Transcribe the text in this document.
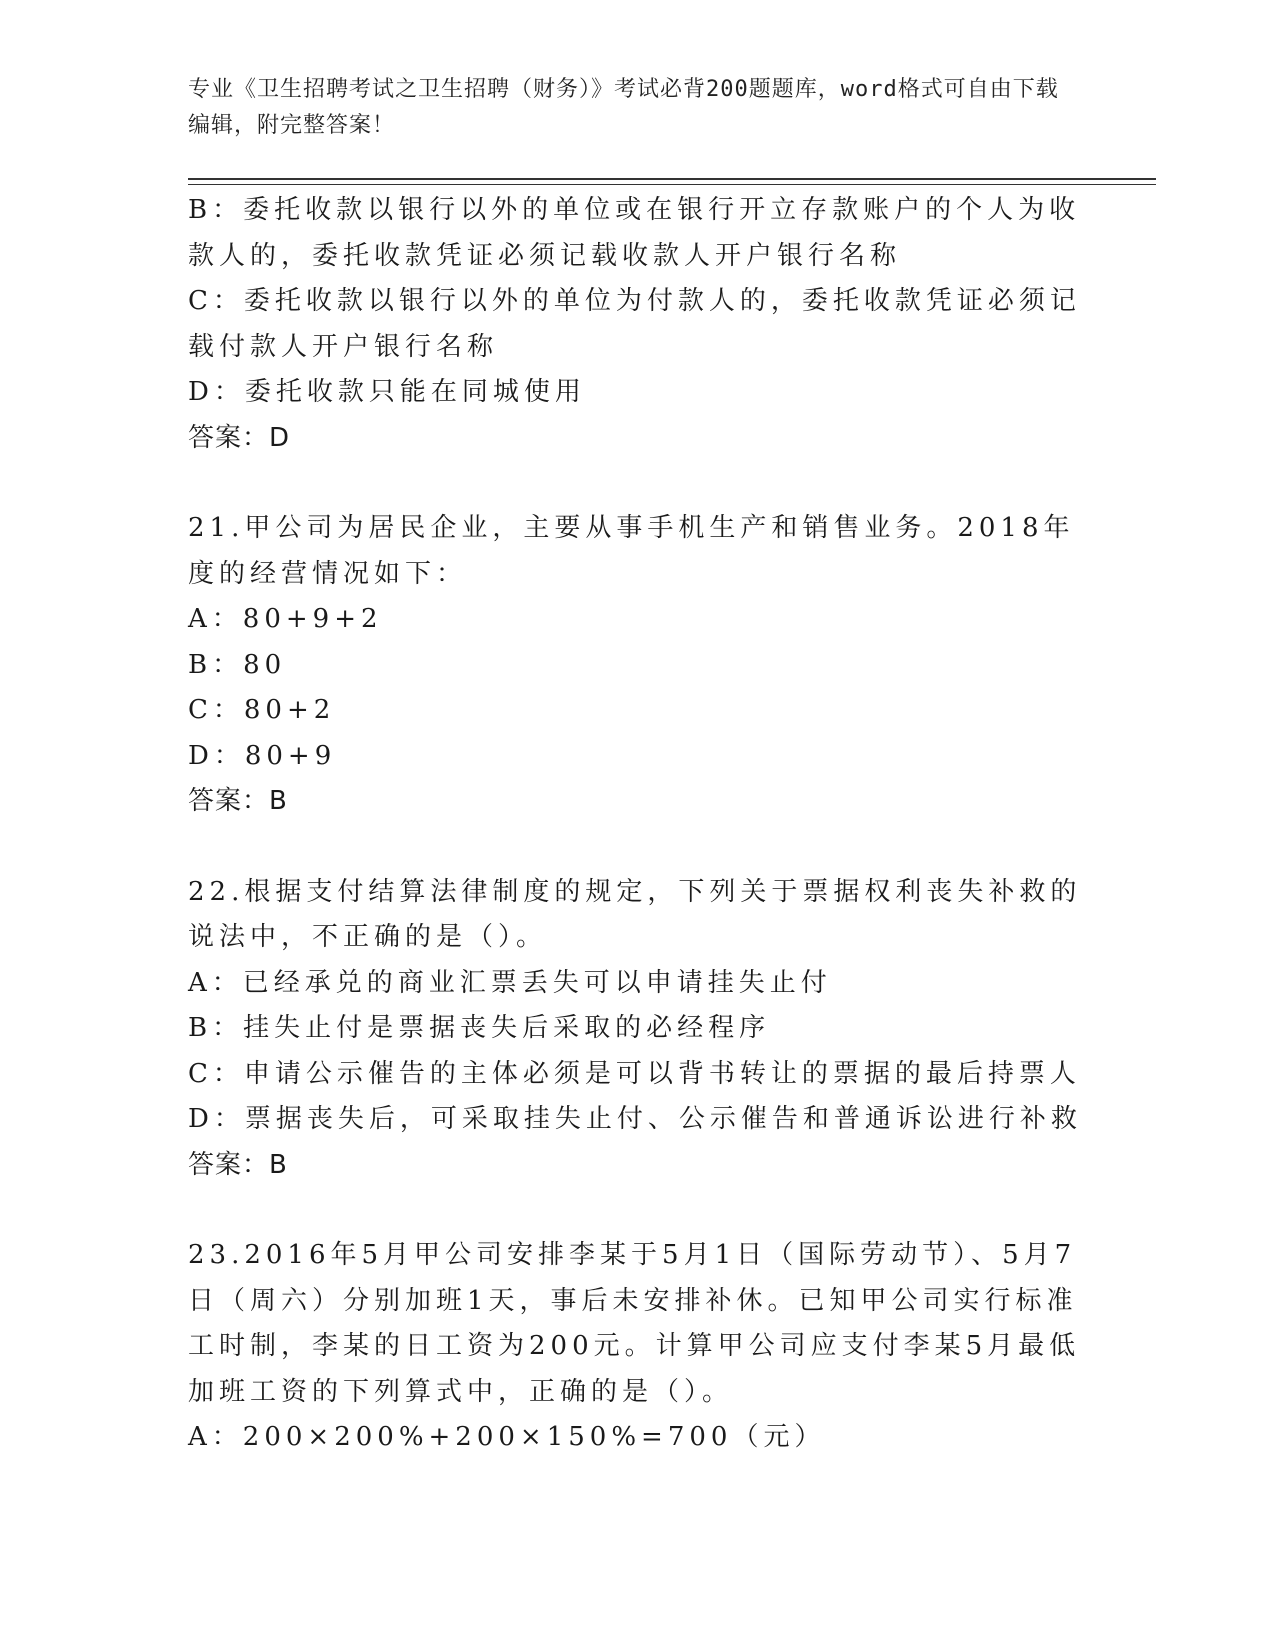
专业《卫生招聘考试之卫生招聘（财务）》考试必背200题题库，word格式可自由下载编辑，附完整答案！
B：委托收款以银行以外的单位或在银行开立存款账户的个人为收款人的，委托收款凭证必须记载收款人开户银行名称
C：委托收款以银行以外的单位为付款人的，委托收款凭证必须记载付款人开户银行名称
D：委托收款只能在同城使用
答案：D
21.甲公司为居民企业，主要从事手机生产和销售业务。2018年度的经营情况如下：
A：80+9+2
B：80
C：80+2
D：80+9
答案：B
22.根据支付结算法律制度的规定，下列关于票据权利丧失补救的说法中，不正确的是（）。
A：已经承兑的商业汇票丢失可以申请挂失止付
B：挂失止付是票据丧失后采取的必经程序
C：申请公示催告的主体必须是可以背书转让的票据的最后持票人
D：票据丧失后，可采取挂失止付、公示催告和普通诉讼进行补救
答案：B
23.2016年5月甲公司安排李某于5月1日（国际劳动节）、5月7日（周六）分别加班1天，事后未安排补休。已知甲公司实行标准工时制，李某的日工资为200元。计算甲公司应支付李某5月最低加班工资的下列算式中，正确的是（）。
A：200×200%+200×150%=700（元）
